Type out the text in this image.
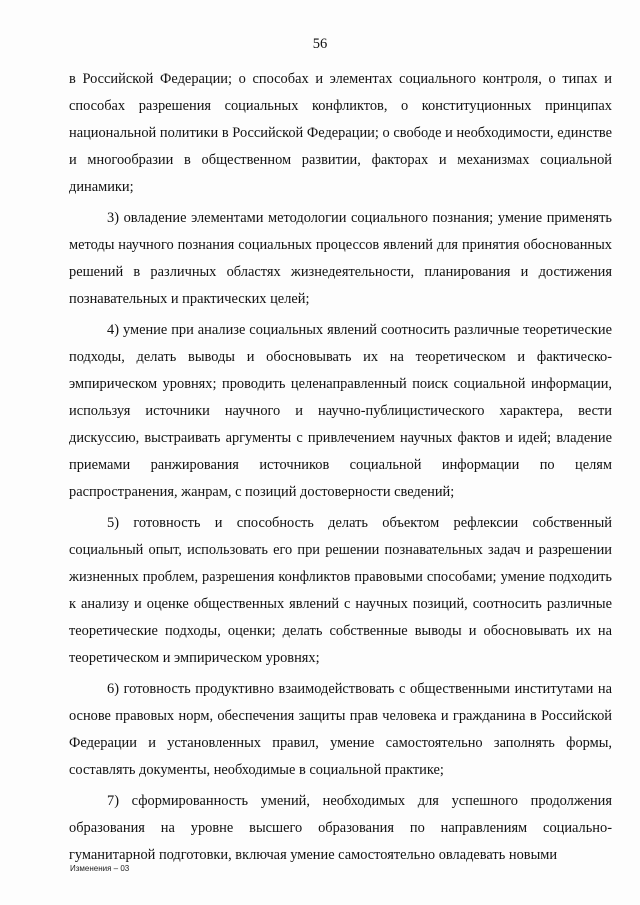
56

в Российской Федерации; о способах и элементах социального контроля, о типах и способах разрешения социальных конфликтов, о конституционных принципах национальной политики в Российской Федерации; о свободе и необходимости, единстве и многообразии в общественном развитии, факторах и механизмах социальной динамики;

3) овладение элементами методологии социального познания; умение применять методы научного познания социальных процессов явлений для принятия обоснованных решений в различных областях жизнедеятельности, планирования и достижения познавательных и практических целей;

4) умение при анализе социальных явлений соотносить различные теоретические подходы, делать выводы и обосновывать их на теоретическом и фактическо-эмпирическом уровнях; проводить целенаправленный поиск социальной информации, используя источники научного и научно-публицистического характера, вести дискуссию, выстраивать аргументы с привлечением научных фактов и идей; владение приемами ранжирования источников социальной информации по целям распространения, жанрам, с позиций достоверности сведений;

5) готовность и способность делать объектом рефлексии собственный социальный опыт, использовать его при решении познавательных задач и разрешении жизненных проблем, разрешения конфликтов правовыми способами; умение подходить к анализу и оценке общественных явлений с научных позиций, соотносить различные теоретические подходы, оценки; делать собственные выводы и обосновывать их на теоретическом и эмпирическом уровнях;

6) готовность продуктивно взаимодействовать с общественными институтами на основе правовых норм, обеспечения защиты прав человека и гражданина в Российской Федерации и установленных правил, умение самостоятельно заполнять формы, составлять документы, необходимые в социальной практике;

7) сформированность умений, необходимых для успешного продолжения образования на уровне высшего образования по направлениям социально-гуманитарной подготовки, включая умение самостоятельно овладевать новыми

Изменения – 03
